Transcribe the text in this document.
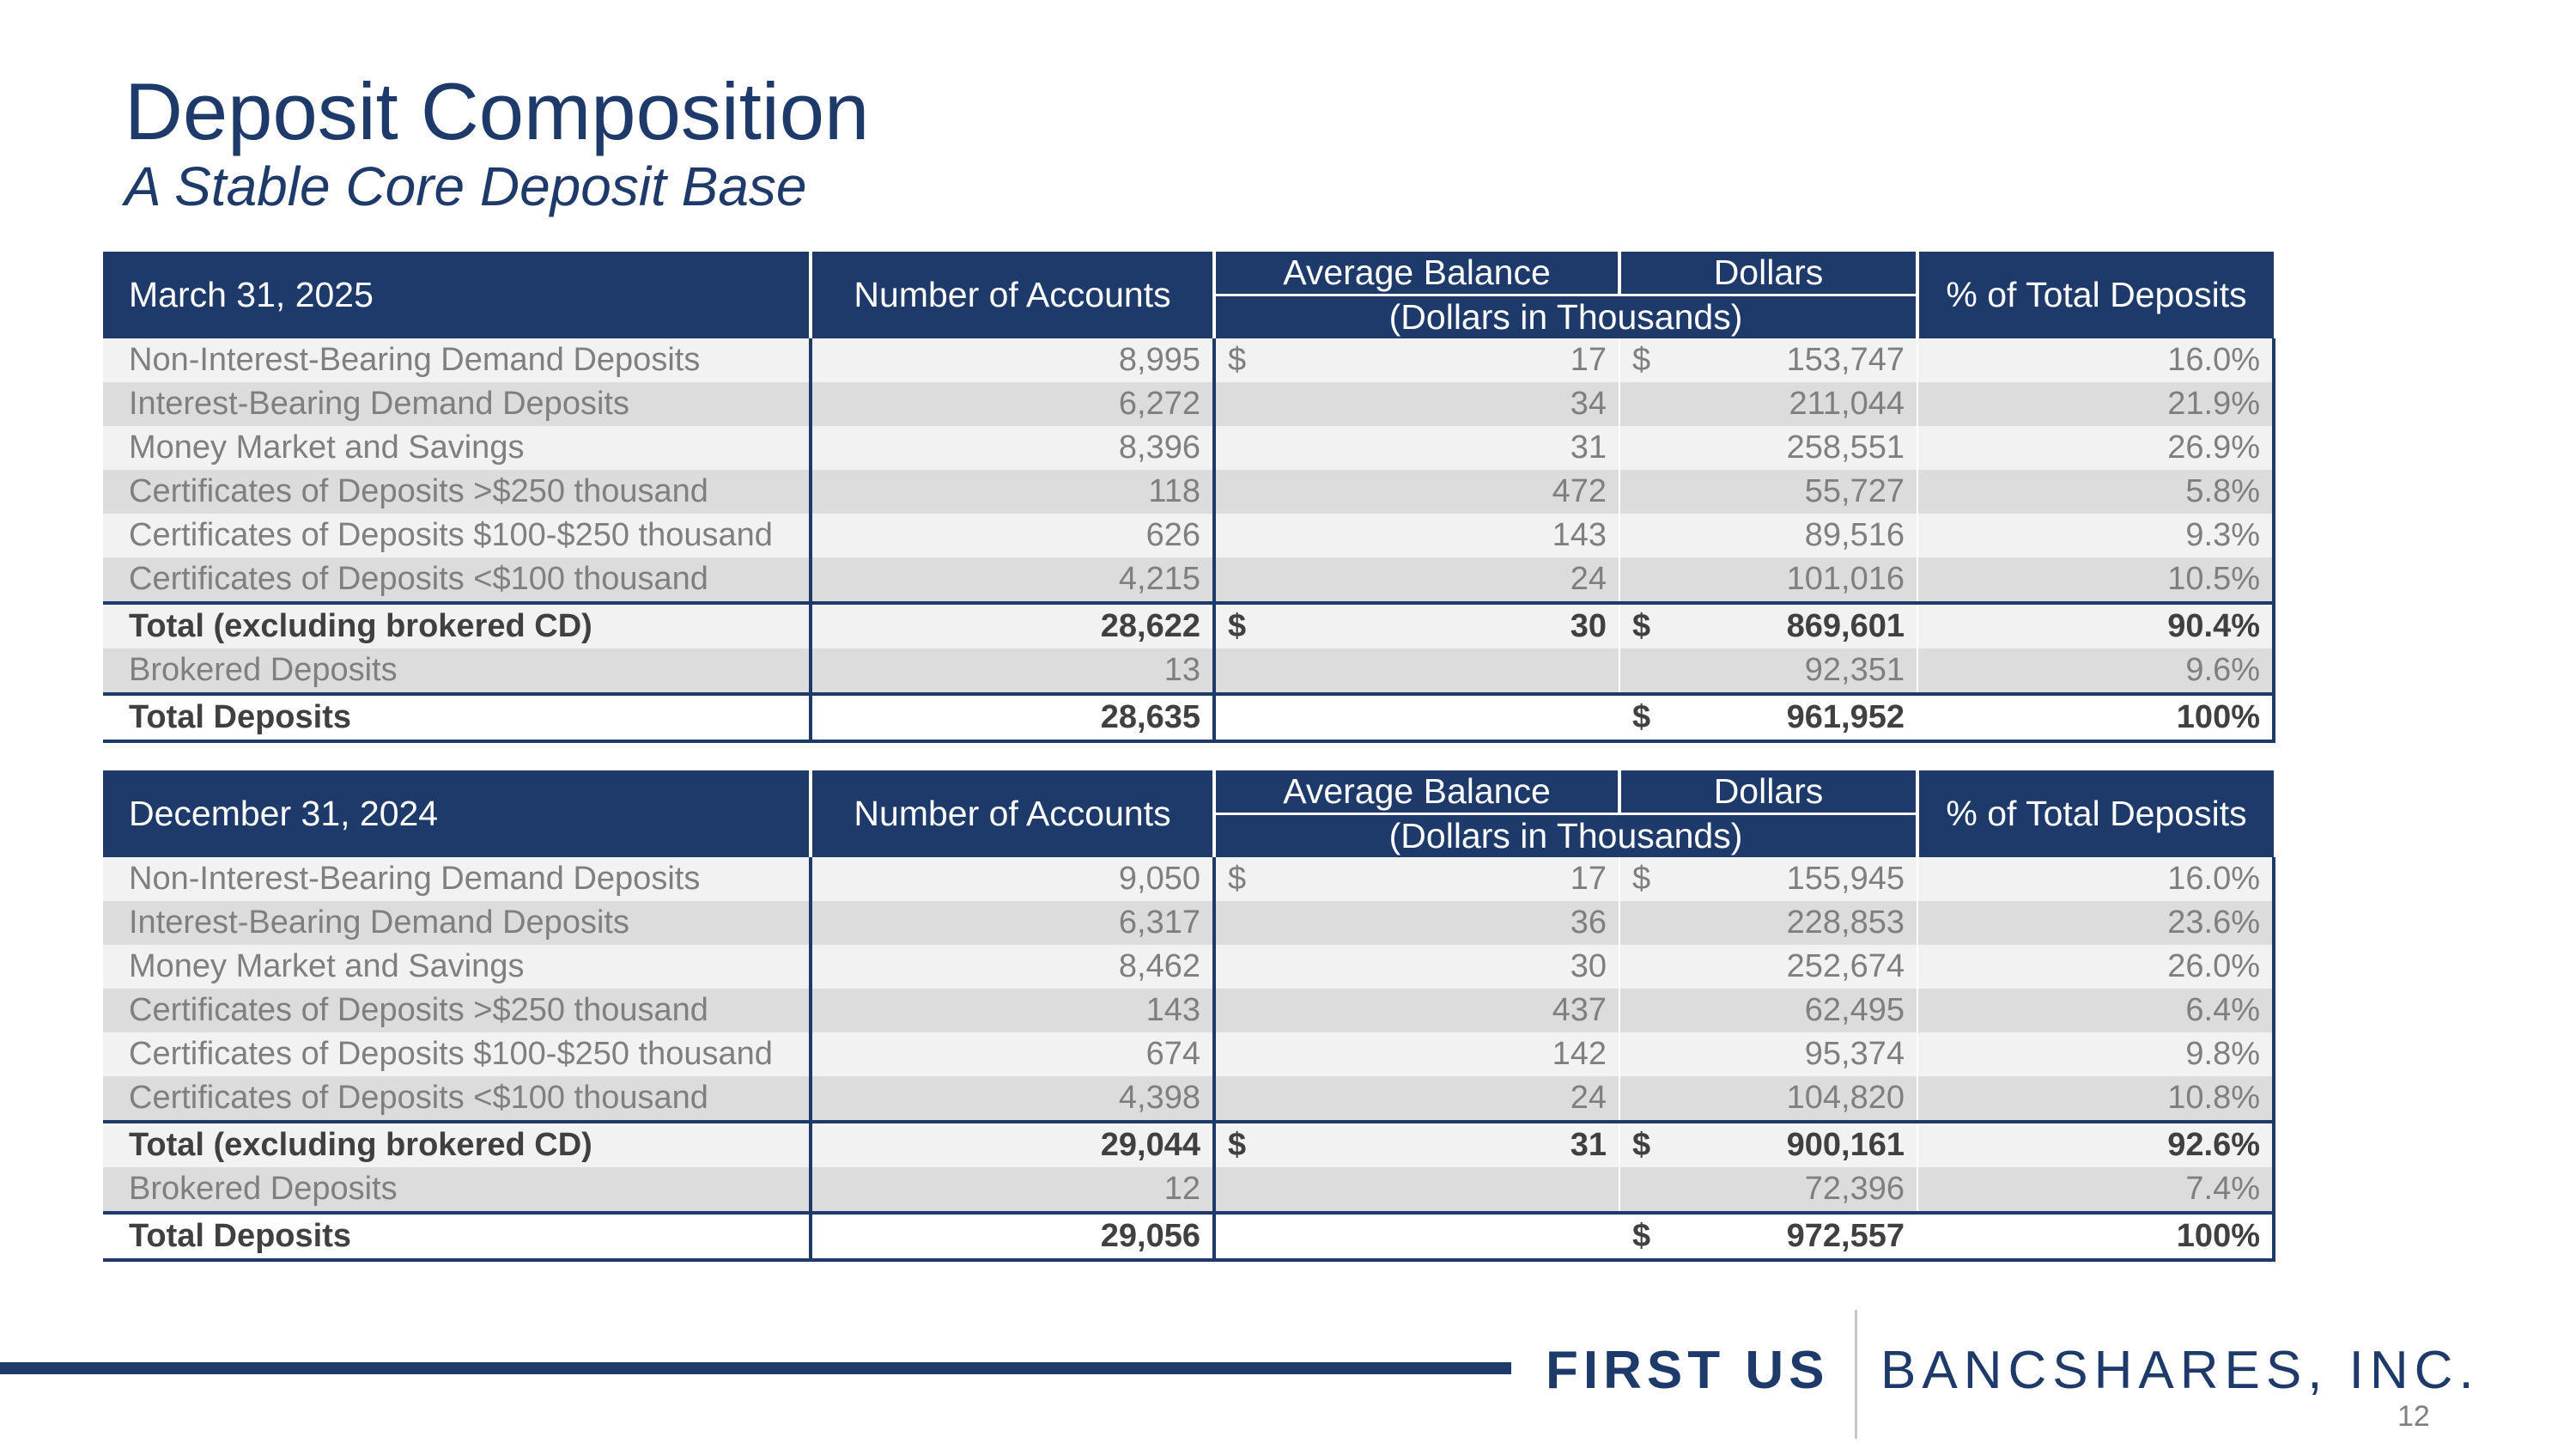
Deposit Composition
A Stable Core Deposit Base
March 31, 2025	Number of Accounts	Average Balance	Dollars	% of Total Deposits
		(Dollars in Thousands)		
Non-Interest-Bearing Demand Deposits	8,995	$ 17	$ 153,747	16.0%
Interest-Bearing Demand Deposits	6,272	34	211,044	21.9%
Money Market and Savings	8,396	31	258,551	26.9%
Certificates of Deposits >$250 thousand	118	472	55,727	5.8%
Certificates of Deposits $100-$250 thousand	626	143	89,516	9.3%
Certificates of Deposits <$100 thousand	4,215	24	101,016	10.5%
Total (excluding brokered CD)	28,622	$ 30	$ 869,601	90.4%
Brokered Deposits	13		92,351	9.6%
Total Deposits	28,635		$ 961,952	100%
December 31, 2024	Number of Accounts	Average Balance	Dollars	% of Total Deposits
		(Dollars in Thousands)		
Non-Interest-Bearing Demand Deposits	9,050	$ 17	$ 155,945	16.0%
Interest-Bearing Demand Deposits	6,317	36	228,853	23.6%
Money Market and Savings	8,462	30	252,674	26.0%
Certificates of Deposits >$250 thousand	143	437	62,495	6.4%
Certificates of Deposits $100-$250 thousand	674	142	95,374	9.8%
Certificates of Deposits <$100 thousand	4,398	24	104,820	10.8%
Total (excluding brokered CD)	29,044	$ 31	$ 900,161	92.6%
Brokered Deposits	12		72,396	7.4%
Total Deposits	29,056		$ 972,557	100%
FIRST US BANCSHARES, INC.
12
